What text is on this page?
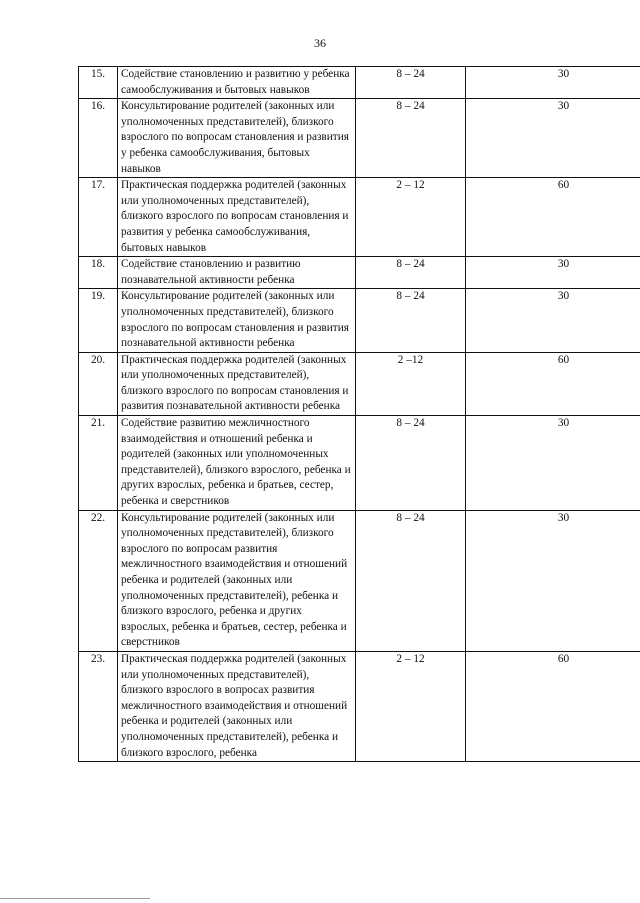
36
15.	Содействие становлению и развитию у ребенка самообслуживания и бытовых навыков	8 – 24	30
16.	Консультирование родителей (законных или уполномоченных представителей), близкого взрослого по вопросам становления и развития у ребенка самообслуживания, бытовых навыков	8 – 24	30
17.	Практическая поддержка родителей (законных или уполномоченных представителей), близкого взрослого по вопросам становления и развития у ребенка самообслуживания, бытовых навыков	2 – 12	60
18.	Содействие становлению и развитию познавательной активности ребенка	8 – 24	30
19.	Консультирование родителей (законных или уполномоченных представителей), близкого взрослого по вопросам становления и развития познавательной активности ребенка	8 – 24	30
20.	Практическая поддержка родителей (законных или уполномоченных представителей), близкого взрослого по вопросам становления и развития познавательной активности ребенка	2 –12	60
21.	Содействие развитию межличностного взаимодействия и отношений ребенка и родителей (законных или уполномоченных представителей), близкого взрослого, ребенка и других взрослых, ребенка и братьев, сестер, ребенка и сверстников	8 – 24	30
22.	Консультирование родителей (законных или уполномоченных представителей), близкого взрослого по вопросам развития межличностного взаимодействия и отношений ребенка и родителей (законных или уполномоченных представителей), ребенка и близкого взрослого, ребенка и других взрослых, ребенка и братьев, сестер, ребенка и сверстников	8 – 24	30
23.	Практическая поддержка родителей (законных или уполномоченных представителей), близкого взрослого в вопросах развития межличностного взаимодействия и отношений ребенка и родителей (законных или уполномоченных представителей), ребенка и близкого взрослого, ребенка	2 – 12	60
